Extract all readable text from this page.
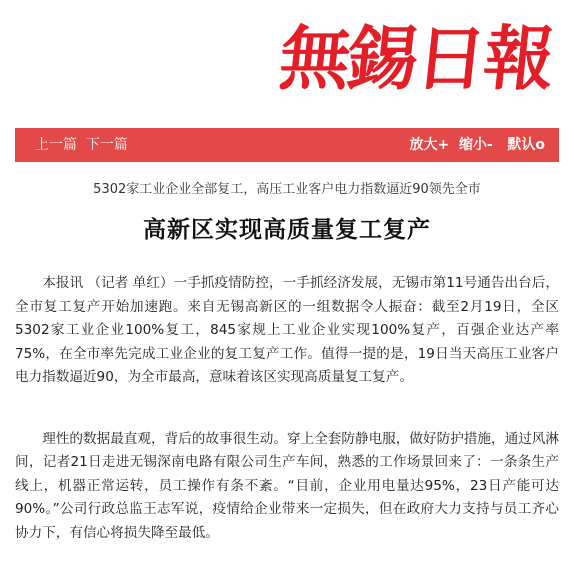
無錫日報
上一篇 下一篇	放大+ 缩小- 默认o
5302家工业企业全部复工，高压工业客户电力指数逼近90领先全市
高新区实现高质量复工复产

本报讯 （记者 单红）一手抓疫情防控，一手抓经济发展，无锡市第11号通告出台后，全市复工复产开始加速跑。来自无锡高新区的一组数据令人振奋：截至2月19日，全区5302家工业企业100%复工，845家规上工业企业实现100%复产，百强企业达产率75%，在全市率先完成工业企业的复工复产工作。值得一提的是，19日当天高压工业客户电力指数逼近90，为全市最高，意味着该区实现高质量复工复产。

理性的数据最直观，背后的故事很生动。穿上全套防静电服，做好防护措施，通过风淋间，记者21日走进无锡深南电路有限公司生产车间，熟悉的工作场景回来了：一条条生产线上，机器正常运转，员工操作有条不紊。“目前，企业用电量达95%，23日产能可达90%。”公司行政总监王志军说，疫情给企业带来一定损失，但在政府大力支持与员工齐心协力下，有信心将损失降至最低。
